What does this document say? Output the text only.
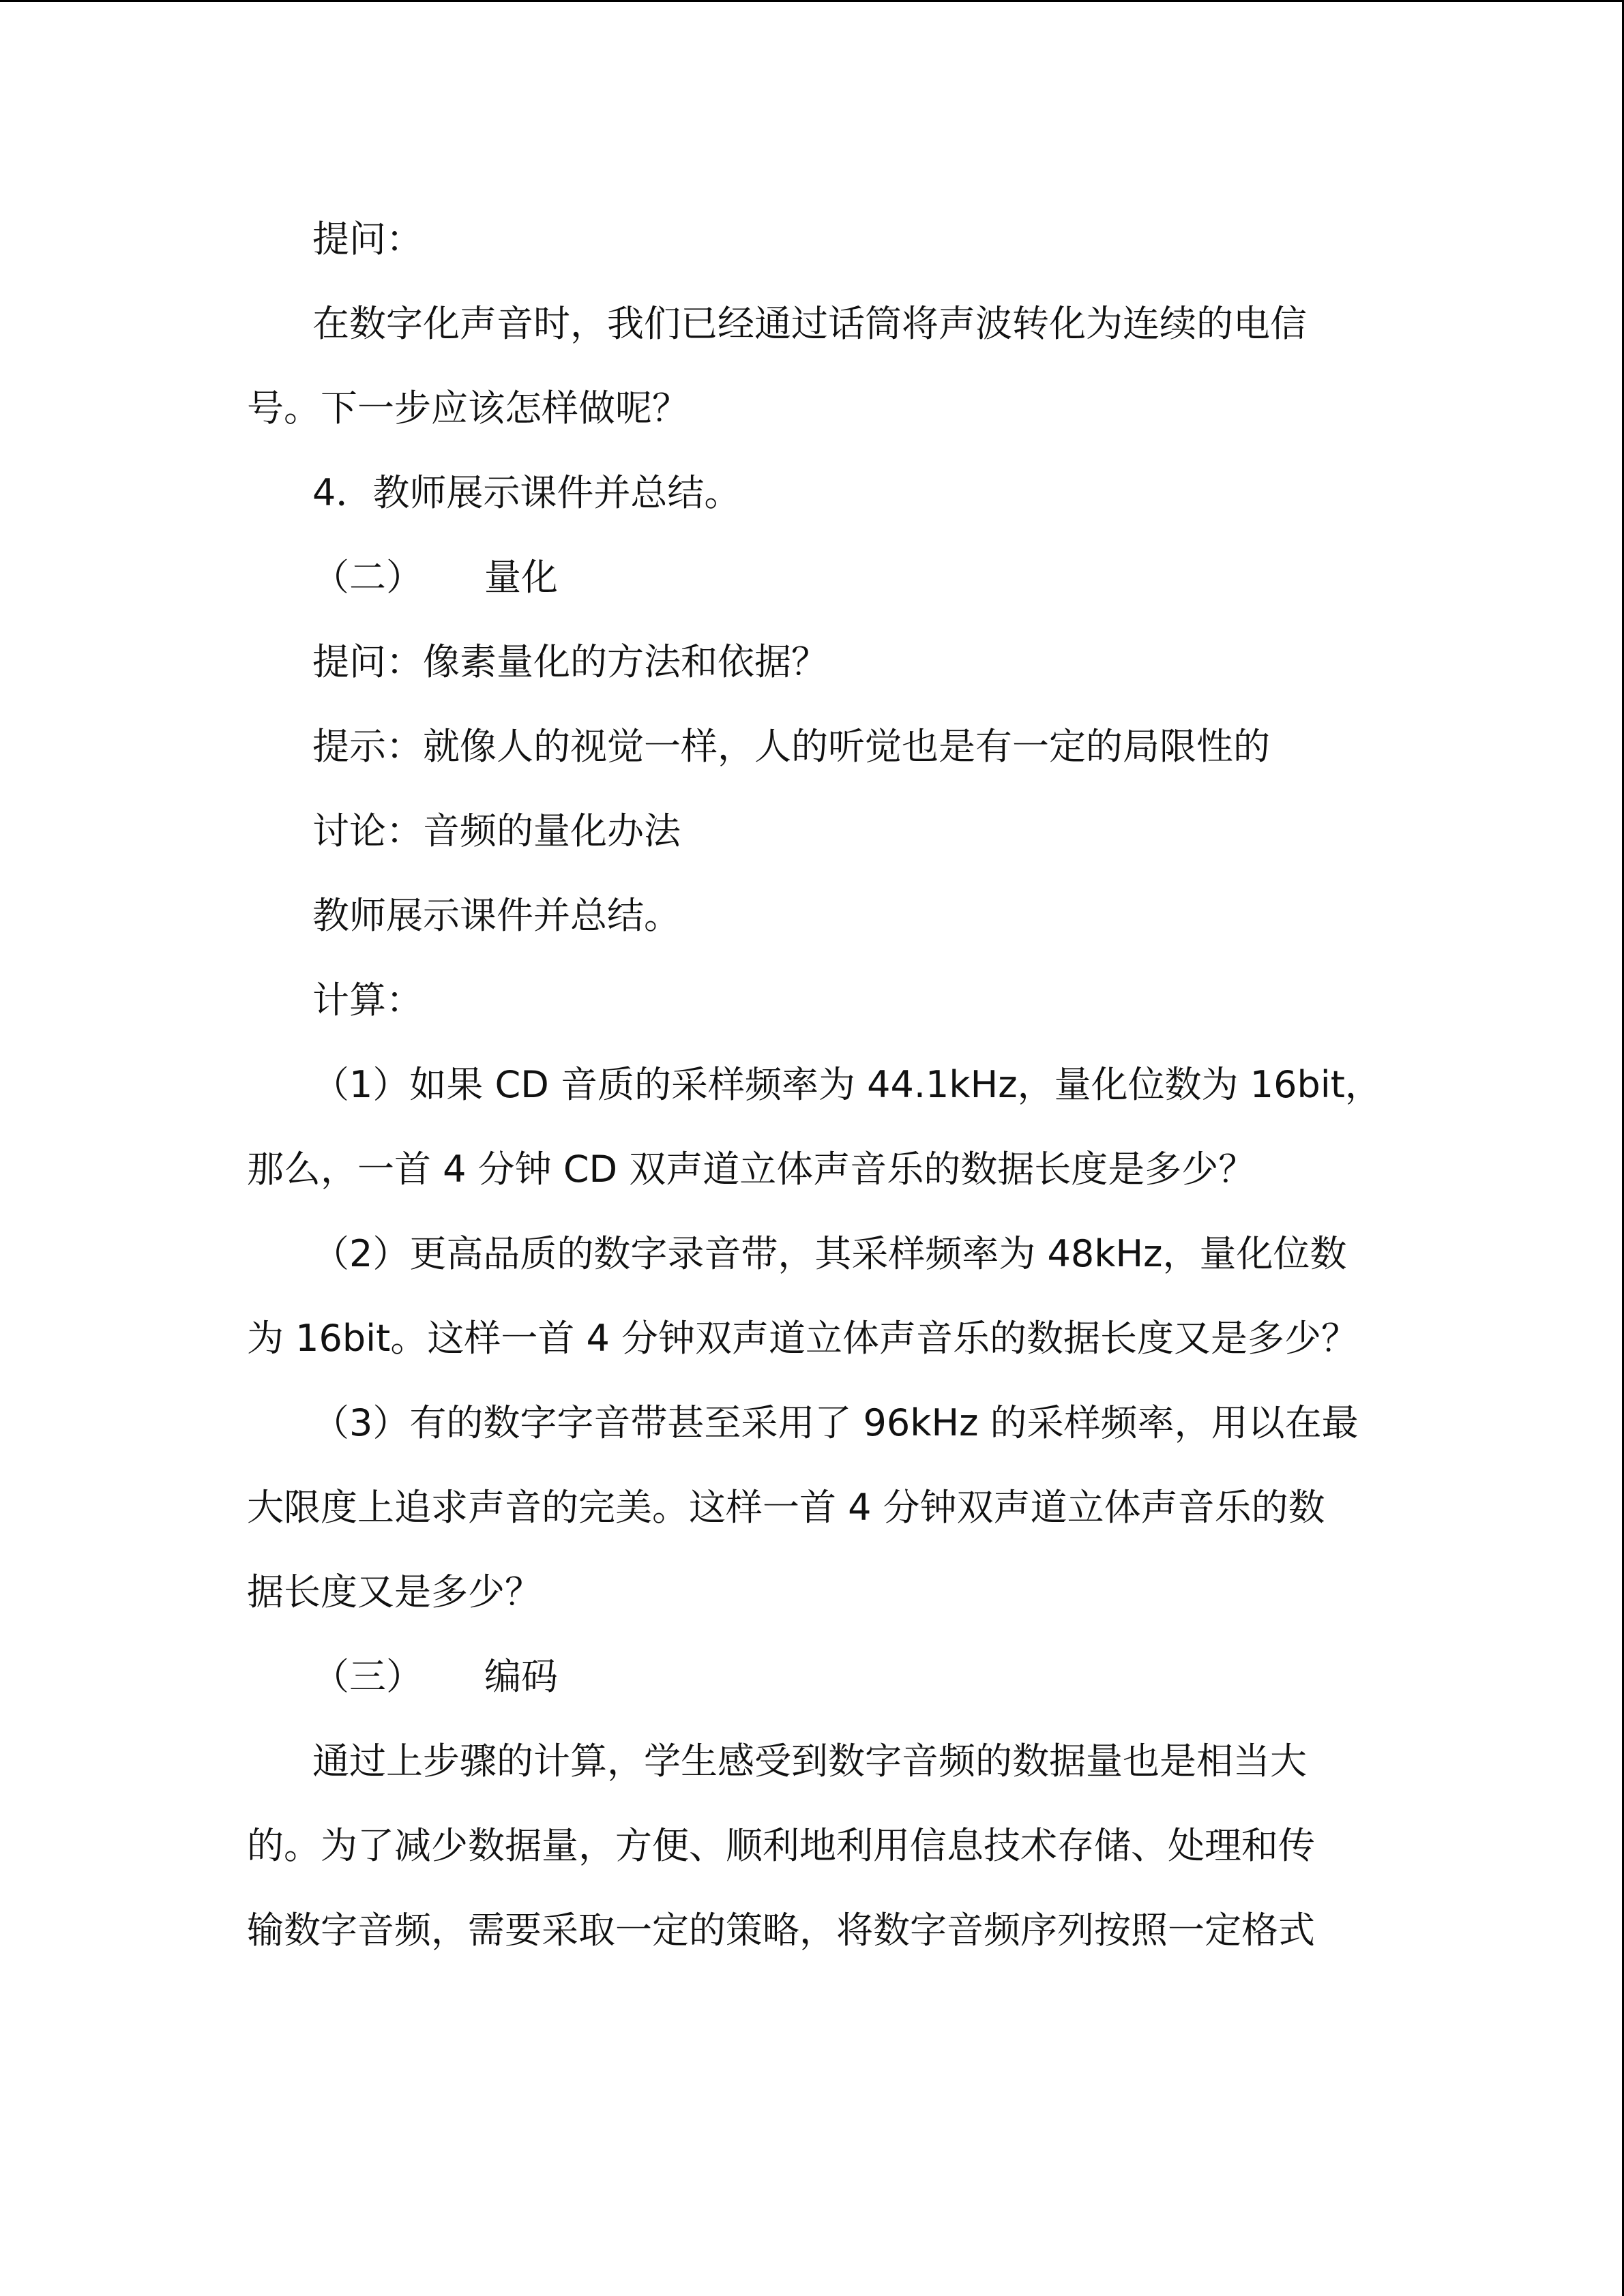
提问：
在数字化声音时，我们已经通过话筒将声波转化为连续的电信
号。下一步应该怎样做呢？
4．教师展示课件并总结。
（二） 量化
提问：像素量化的方法和依据？
提示：就像人的视觉一样，人的听觉也是有一定的局限性的
讨论：音频的量化办法
教师展示课件并总结。
计算：
（1）如果 CD 音质的采样频率为 44.1kHz，量化位数为 16bit，
那么，一首 4 分钟 CD 双声道立体声音乐的数据长度是多少？
（2）更高品质的数字录音带，其采样频率为 48kHz，量化位数
为 16bit。这样一首 4 分钟双声道立体声音乐的数据长度又是多少？
（3）有的数字字音带甚至采用了 96kHz 的采样频率，用以在最
大限度上追求声音的完美。这样一首 4 分钟双声道立体声音乐的数
据长度又是多少？
（三） 编码
通过上步骤的计算，学生感受到数字音频的数据量也是相当大
的。为了减少数据量，方便、顺利地利用信息技术存储、处理和传
输数字音频，需要采取一定的策略，将数字音频序列按照一定格式
